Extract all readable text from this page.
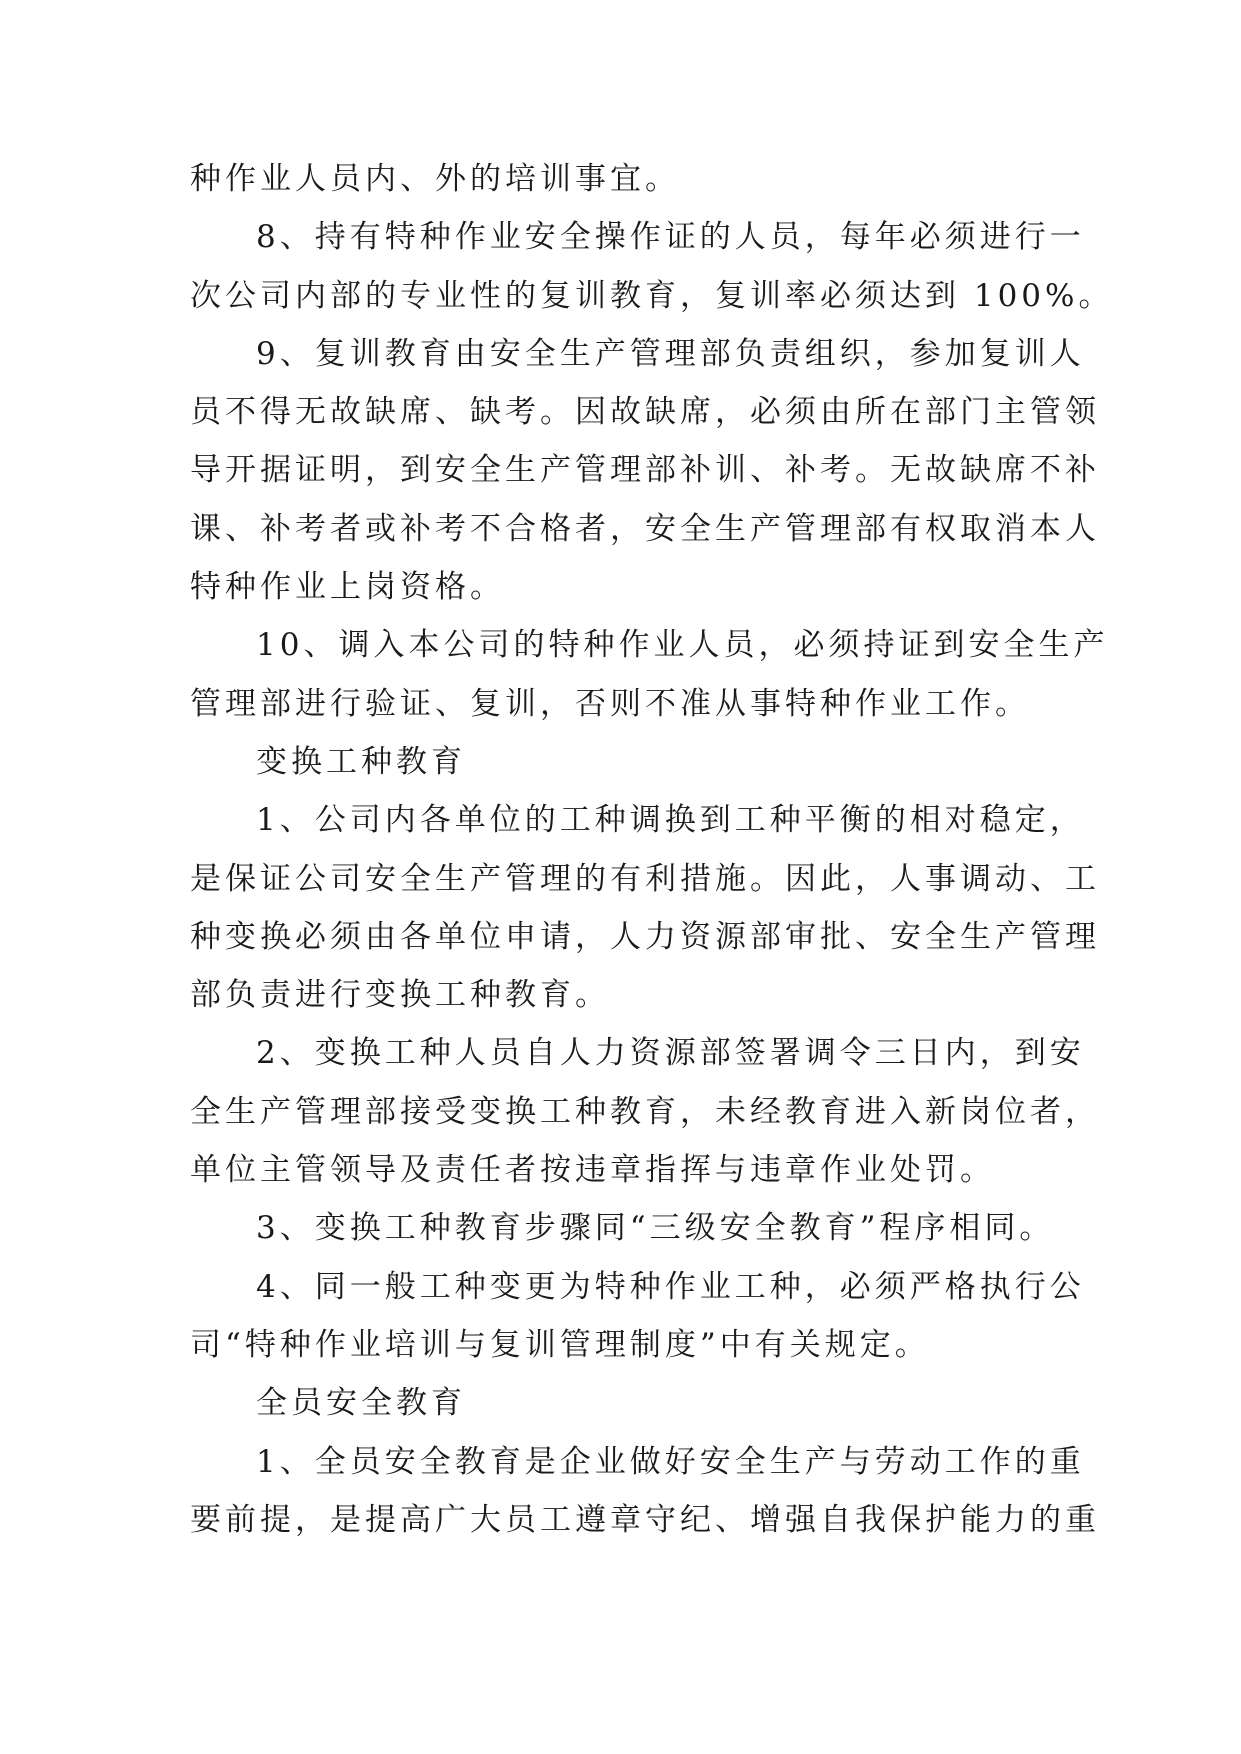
种作业人员内、外的培训事宜。
8、持有特种作业安全操作证的人员，每年必须进行一
次公司内部的专业性的复训教育，复训率必须达到 100%。
9、复训教育由安全生产管理部负责组织，参加复训人
员不得无故缺席、缺考。因故缺席，必须由所在部门主管领
导开据证明，到安全生产管理部补训、补考。无故缺席不补
课、补考者或补考不合格者，安全生产管理部有权取消本人
特种作业上岗资格。
10、调入本公司的特种作业人员，必须持证到安全生产
管理部进行验证、复训，否则不准从事特种作业工作。
变换工种教育
1、公司内各单位的工种调换到工种平衡的相对稳定，
是保证公司安全生产管理的有利措施。因此，人事调动、工
种变换必须由各单位申请，人力资源部审批、安全生产管理
部负责进行变换工种教育。
2、变换工种人员自人力资源部签署调令三日内，到安
全生产管理部接受变换工种教育，未经教育进入新岗位者，
单位主管领导及责任者按违章指挥与违章作业处罚。
3、变换工种教育步骤同“三级安全教育”程序相同。
4、同一般工种变更为特种作业工种，必须严格执行公
司“特种作业培训与复训管理制度”中有关规定。
全员安全教育
1、全员安全教育是企业做好安全生产与劳动工作的重
要前提，是提高广大员工遵章守纪、增强自我保护能力的重
